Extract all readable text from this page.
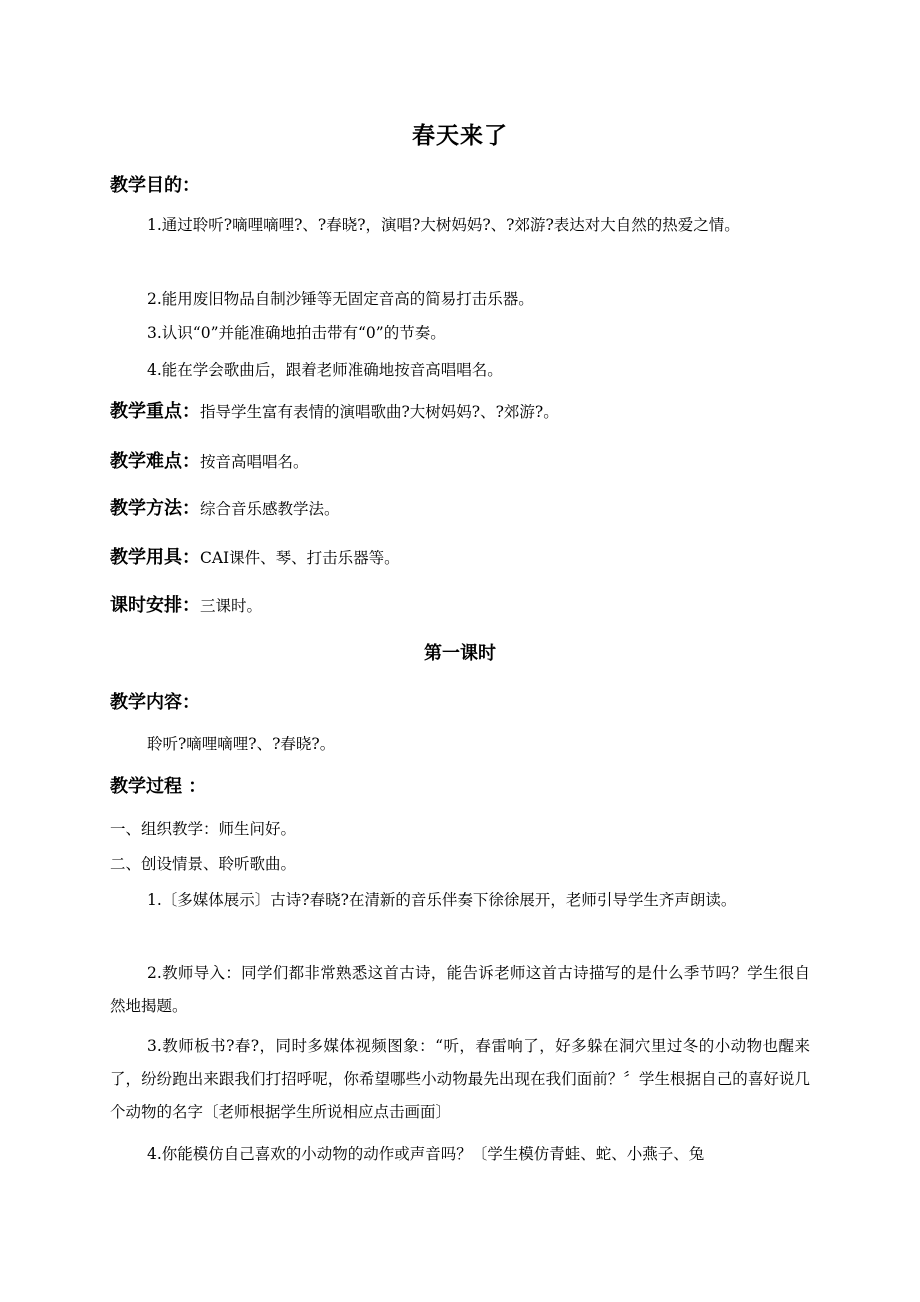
春天来了
教学目的：
1.通过聆听?嘀哩嘀哩?、?春晓?，演唱?大树妈妈?、?郊游?表达对大自然的热爱之情。
2.能用废旧物品自制沙锤等无固定音高的简易打击乐器。
3.认识“0”并能准确地拍击带有“0”的节奏。
4.能在学会歌曲后，跟着老师准确地按音高唱唱名。
教学重点：指导学生富有表情的演唱歌曲?大树妈妈?、?郊游?。
教学难点：按音高唱唱名。
教学方法：综合音乐感教学法。
教学用具：CAI课件、琴、打击乐器等。
课时安排：三课时。
第一课时
教学内容：
聆听?嘀哩嘀哩?、?春晓?。
教学过程 ：
一、组织教学：师生问好。
二、创设情景、聆听歌曲。
1.〔多媒体展示〕古诗?春晓?在清新的音乐伴奏下徐徐展开，老师引导学生齐声朗读。
2.教师导入：同学们都非常熟悉这首古诗，能告诉老师这首古诗描写的是什么季节吗？学生很自然地揭题。
3.教师板书?春?，同时多媒体视频图象：“听，春雷响了，好多躲在洞穴里过冬的小动物也醒来了，纷纷跑出来跟我们打招呼呢，你希望哪些小动物最先出现在我们面前？〞学生根据自己的喜好说几个动物的名字〔老师根据学生所说相应点击画面〕
4.你能模仿自己喜欢的小动物的动作或声音吗？〔学生模仿青蛙、蛇、小燕子、兔
